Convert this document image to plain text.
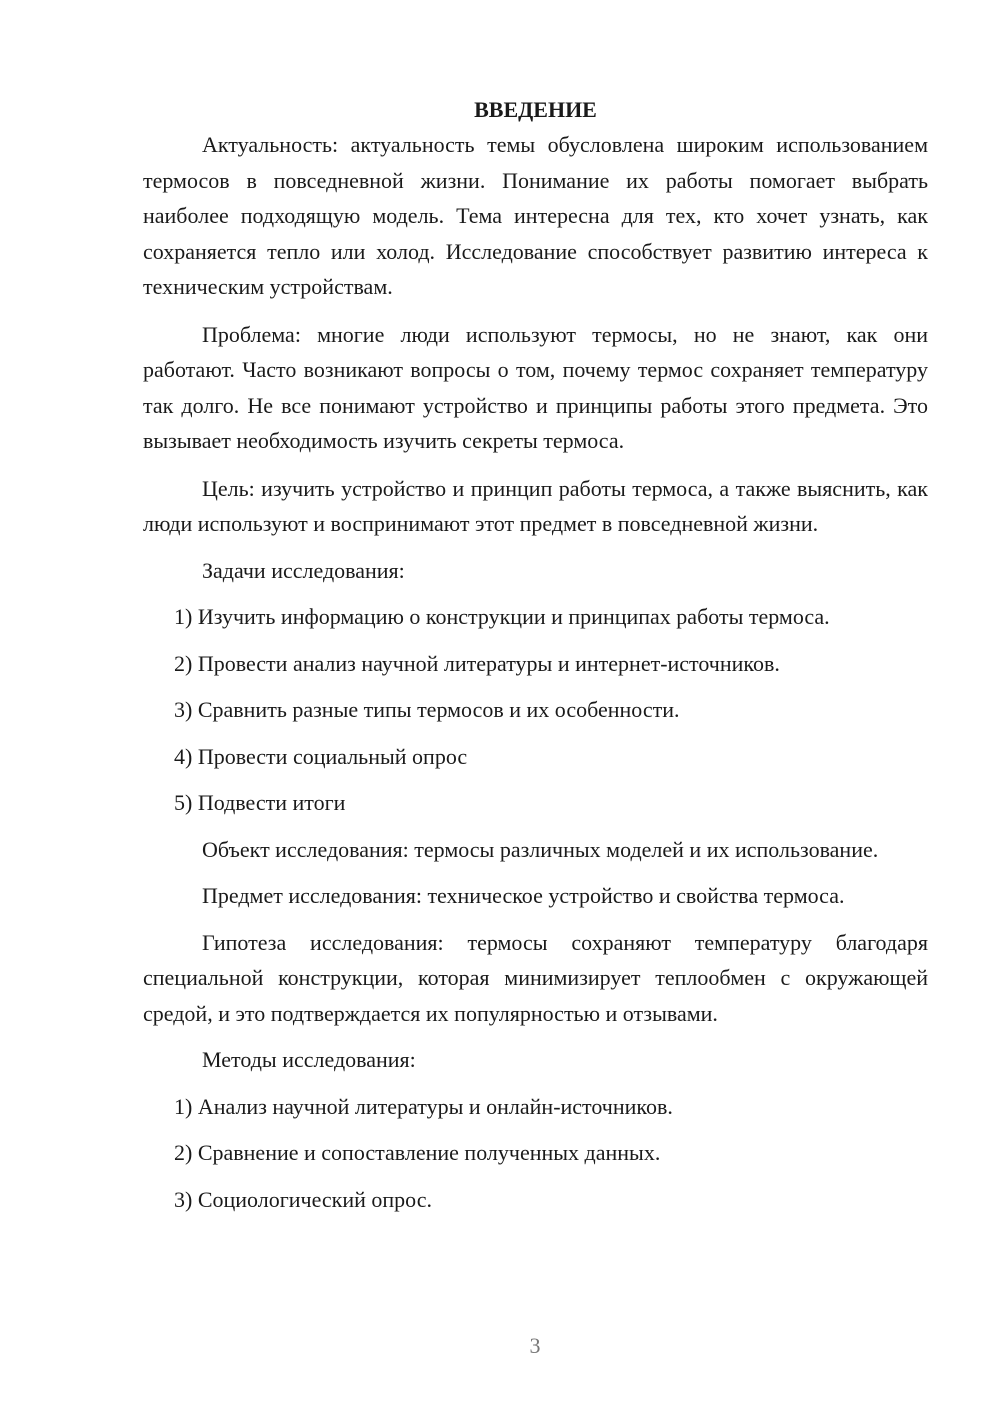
ВВЕДЕНИЕ

Актуальность: актуальность темы обусловлена широким использованием термосов в повседневной жизни. Понимание их работы помогает выбрать наиболее подходящую модель. Тема интересна для тех, кто хочет узнать, как сохраняется тепло или холод. Исследование способствует развитию интереса к техническим устройствам.

Проблема: многие люди используют термосы, но не знают, как они работают. Часто возникают вопросы о том, почему термос сохраняет температуру так долго. Не все понимают устройство и принципы работы этого предмета. Это вызывает необходимость изучить секреты термоса.

Цель: изучить устройство и принцип работы термоса, а также выяснить, как люди используют и воспринимают этот предмет в повседневной жизни.

Задачи исследования:

1) Изучить информацию о конструкции и принципах работы термоса.

2) Провести анализ научной литературы и интернет-источников.

3) Сравнить разные типы термосов и их особенности.

4) Провести социальный опрос

5) Подвести итоги

Объект исследования: термосы различных моделей и их использование.

Предмет исследования: техническое устройство и свойства термоса.

Гипотеза исследования: термосы сохраняют температуру благодаря специальной конструкции, которая минимизирует теплообмен с окружающей средой, и это подтверждается их популярностью и отзывами.

Методы исследования:

1) Анализ научной литературы и онлайн-источников.

2) Сравнение и сопоставление полученных данных.

3) Социологический опрос.

3
